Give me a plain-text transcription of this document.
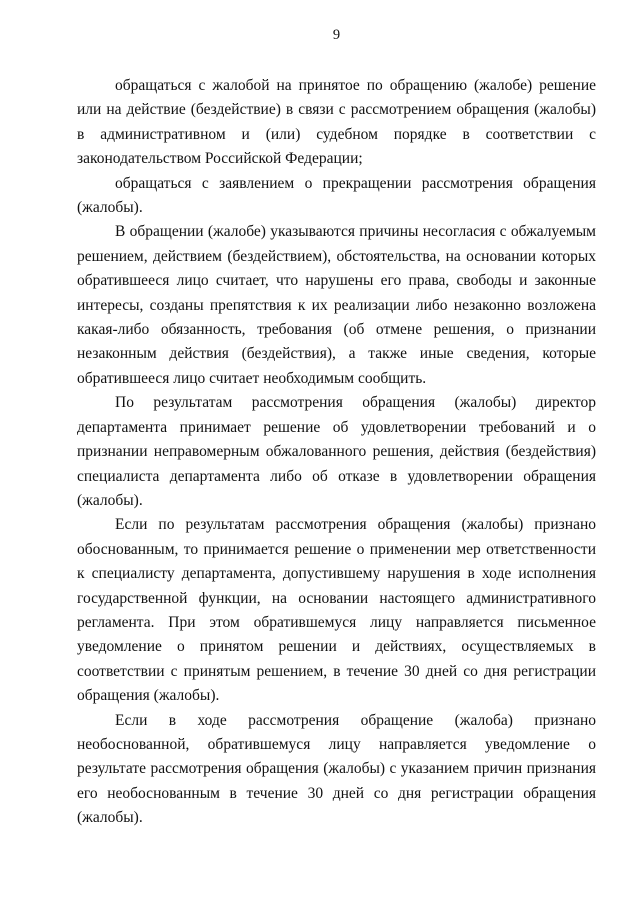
9

обращаться с жалобой на принятое по обращению (жалобе) решение или на действие (бездействие) в связи с рассмотрением обращения (жалобы) в административном и (или) судебном порядке в соответствии с законодательством Российской Федерации;

обращаться с заявлением о прекращении рассмотрения обращения (жалобы).

В обращении (жалобе) указываются причины несогласия с обжалуемым решением, действием (бездействием), обстоятельства, на основании которых обратившееся лицо считает, что нарушены его права, свободы и законные интересы, созданы препятствия к их реализации либо незаконно возложена какая-либо обязанность, требования (об отмене решения, о признании незаконным действия (бездействия), а также иные сведения, которые обратившееся лицо считает необходимым сообщить.

По результатам рассмотрения обращения (жалобы) директор департамента принимает решение об удовлетворении требований и о признании неправомерным обжалованного решения, действия (бездействия) специалиста департамента либо об отказе в удовлетворении обращения (жалобы).

Если по результатам рассмотрения обращения (жалобы) признано обоснованным, то принимается решение о применении мер ответственности к специалисту департамента, допустившему нарушения в ходе исполнения государственной функции, на основании настоящего административного регламента. При этом обратившемуся лицу направляется письменное уведомление о принятом решении и действиях, осуществляемых в соответствии с принятым решением, в течение 30 дней со дня регистрации обращения (жалобы).

Если в ходе рассмотрения обращение (жалоба) признано необоснованной, обратившемуся лицу направляется уведомление о результате рассмотрения обращения (жалобы) с указанием причин признания его необоснованным в течение 30 дней со дня регистрации обращения (жалобы).
